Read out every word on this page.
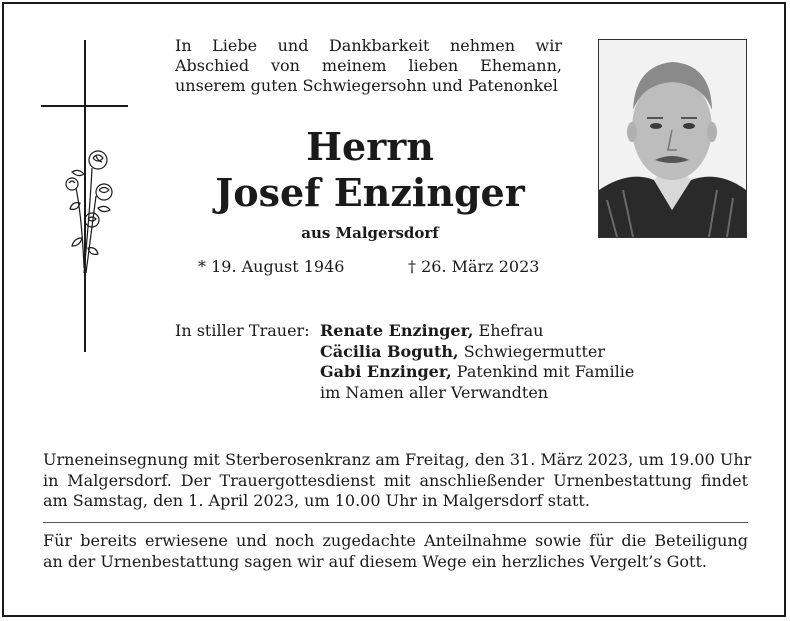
In Liebe und Dankbarkeit nehmen wir
Abschied von meinem lieben Ehemann,
unserem guten Schwiegersohn und Patenonkel
Herrn
Josef Enzinger
aus Malgersdorf
* 19. August 1946	† 26. März 2023
In stiller Trauer: Renate Enzinger, Ehefrau
Cäcilia Boguth, Schwiegermutter
Gabi Enzinger, Patenkind mit Familie
im Namen aller Verwandten
Urneneinsegnung mit Sterberosenkranz am Freitag, den 31. März 2023, um 19.00 Uhr
in Malgersdorf. Der Trauergottesdienst mit anschließender Urnenbestattung findet
am Samstag, den 1. April 2023, um 10.00 Uhr in Malgersdorf statt.
Für bereits erwiesene und noch zugedachte Anteilnahme sowie für die Beteiligung
an der Urnenbestattung sagen wir auf diesem Wege ein herzliches Vergelt’s Gott.
